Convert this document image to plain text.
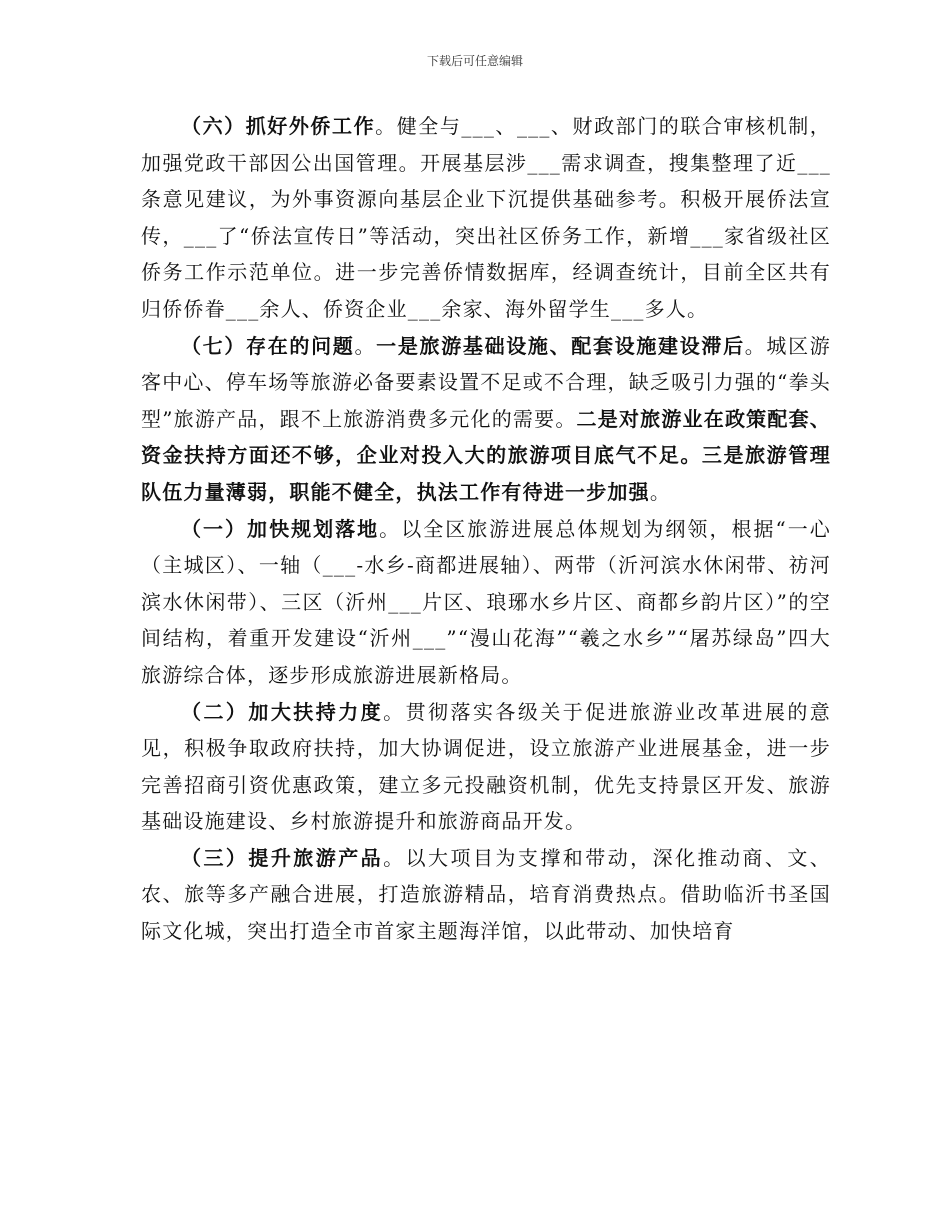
下载后可任意编辑

（六）抓好外侨工作。健全与___、___、财政部门的联合审核机制，加强党政干部因公出国管理。开展基层涉___需求调查，搜集整理了近___条意见建议，为外事资源向基层企业下沉提供基础参考。积极开展侨法宣传，___了“侨法宣传日”等活动，突出社区侨务工作，新增___家省级社区侨务工作示范单位。进一步完善侨情数据库，经调查统计，目前全区共有归侨侨眷___余人、侨资企业___余家、海外留学生___多人。

（七）存在的问题。一是旅游基础设施、配套设施建设滞后。城区游客中心、停车场等旅游必备要素设置不足或不合理，缺乏吸引力强的“拳头型”旅游产品，跟不上旅游消费多元化的需要。二是对旅游业在政策配套、资金扶持方面还不够，企业对投入大的旅游项目底气不足。三是旅游管理队伍力量薄弱，职能不健全，执法工作有待进一步加强。

（一）加快规划落地。以全区旅游进展总体规划为纲领，根据“一心（主城区）、一轴（___-水乡-商都进展轴）、两带（沂河滨水休闲带、祊河滨水休闲带）、三区（沂州___片区、琅琊水乡片区、商都乡韵片区）”的空间结构，着重开发建设“沂州___”“漫山花海”“羲之水乡”“屠苏绿岛”四大旅游综合体，逐步形成旅游进展新格局。

（二）加大扶持力度。贯彻落实各级关于促进旅游业改革进展的意见，积极争取政府扶持，加大协调促进，设立旅游产业进展基金，进一步完善招商引资优惠政策，建立多元投融资机制，优先支持景区开发、旅游基础设施建设、乡村旅游提升和旅游商品开发。

（三）提升旅游产品。以大项目为支撑和带动，深化推动商、文、农、旅等多产融合进展，打造旅游精品，培育消费热点。借助临沂书圣国际文化城，突出打造全市首家主题海洋馆，以此带动、加快培育
